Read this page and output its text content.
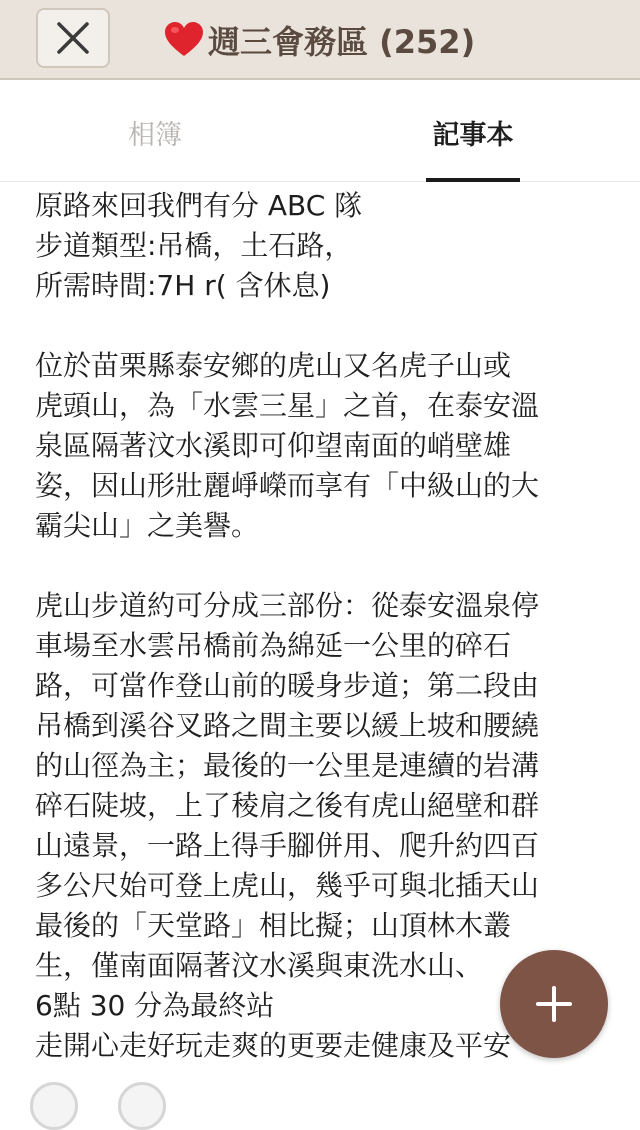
週三會務區 (252)
相簿	記事本
原路來回我們有分 ABC 隊
步道類型:吊橋，土石路，
所需時間:7H r( 含休息)
位於苗栗縣泰安鄉的虎山又名虎子山或
虎頭山，為「水雲三星」之首，在泰安溫
泉區隔著汶水溪即可仰望南面的峭壁雄
姿，因山形壯麗崢嶸而享有「中級山的大
霸尖山」之美譽。
虎山步道約可分成三部份：從泰安溫泉停
車場至水雲吊橋前為綿延一公里的碎石
路，可當作登山前的暖身步道；第二段由
吊橋到溪谷叉路之間主要以緩上坡和腰繞
的山徑為主；最後的一公里是連續的岩溝
碎石陡坡，上了稜肩之後有虎山絕壁和群
山遠景，一路上得手腳併用、爬升約四百
多公尺始可登上虎山，幾乎可與北插天山
最後的「天堂路」相比擬；山頂林木叢
生，僅南面隔著汶水溪與東洗水山、
6點 30 分為最終站
走開心走好玩走爽的更要走健康及平安
